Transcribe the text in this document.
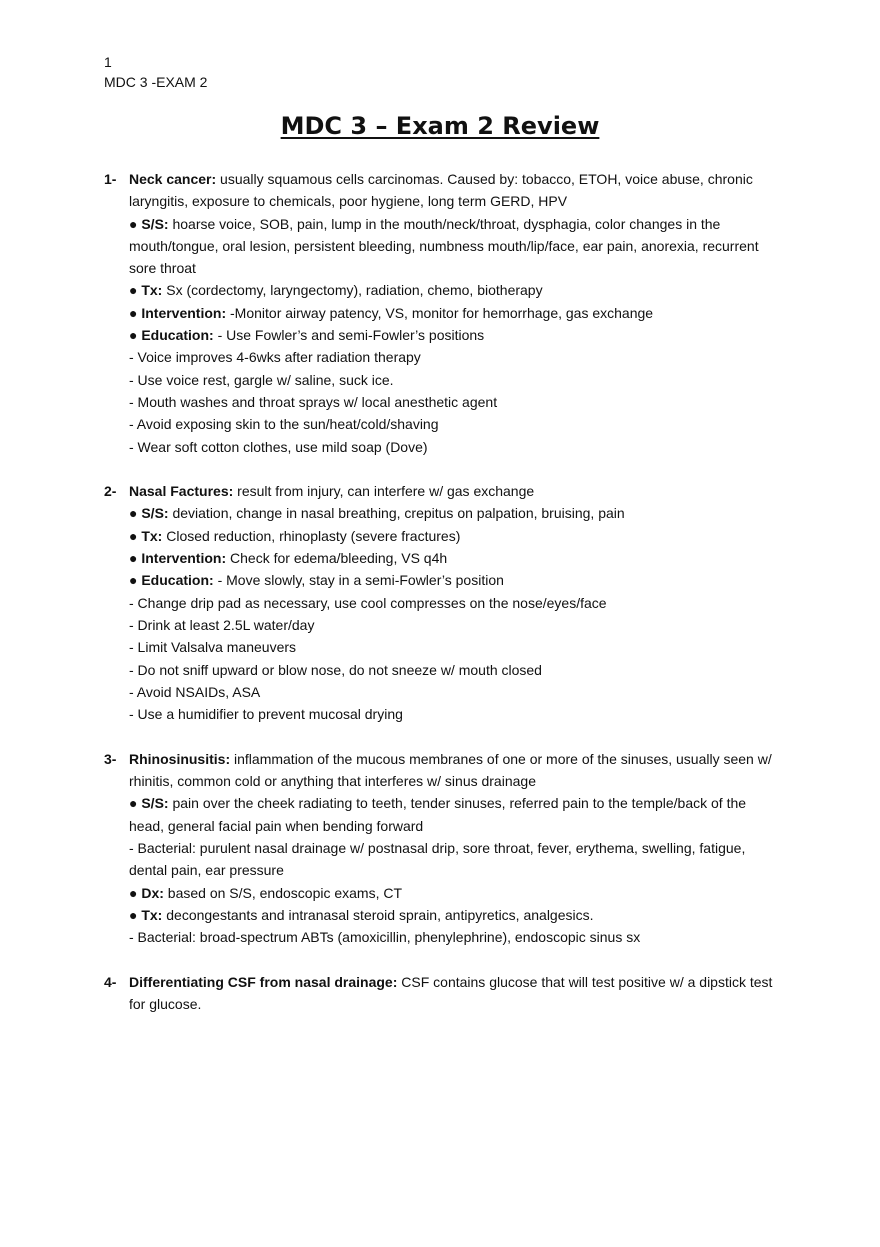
1
MDC 3 -EXAM 2
MDC 3 – Exam 2 Review
1- Neck cancer: usually squamous cells carcinomas. Caused by: tobacco, ETOH, voice abuse, chronic laryngitis, exposure to chemicals, poor hygiene, long term GERD, HPV
● S/S: hoarse voice, SOB, pain, lump in the mouth/neck/throat, dysphagia, color changes in the mouth/tongue, oral lesion, persistent bleeding, numbness mouth/lip/face, ear pain, anorexia, recurrent sore throat
● Tx: Sx (cordectomy, laryngectomy), radiation, chemo, biotherapy
● Intervention: -Monitor airway patency, VS, monitor for hemorrhage, gas exchange
● Education: - Use Fowler’s and semi-Fowler’s positions
- Voice improves 4-6wks after radiation therapy
- Use voice rest, gargle w/ saline, suck ice.
- Mouth washes and throat sprays w/ local anesthetic agent
- Avoid exposing skin to the sun/heat/cold/shaving
- Wear soft cotton clothes, use mild soap (Dove)
2- Nasal Factures: result from injury, can interfere w/ gas exchange
● S/S: deviation, change in nasal breathing, crepitus on palpation, bruising, pain
● Tx: Closed reduction, rhinoplasty (severe fractures)
● Intervention: Check for edema/bleeding, VS q4h
● Education: - Move slowly, stay in a semi-Fowler’s position
- Change drip pad as necessary, use cool compresses on the nose/eyes/face
- Drink at least 2.5L water/day
- Limit Valsalva maneuvers
- Do not sniff upward or blow nose, do not sneeze w/ mouth closed
- Avoid NSAIDs, ASA
- Use a humidifier to prevent mucosal drying
3- Rhinosinusitis: inflammation of the mucous membranes of one or more of the sinuses, usually seen w/ rhinitis, common cold or anything that interferes w/ sinus drainage
● S/S: pain over the cheek radiating to teeth, tender sinuses, referred pain to the temple/back of the head, general facial pain when bending forward
- Bacterial: purulent nasal drainage w/ postnasal drip, sore throat, fever, erythema, swelling, fatigue, dental pain, ear pressure
● Dx: based on S/S, endoscopic exams, CT
● Tx: decongestants and intranasal steroid sprain, antipyretics, analgesics.
- Bacterial: broad-spectrum ABTs (amoxicillin, phenylephrine), endoscopic sinus sx
4- Differentiating CSF from nasal drainage: CSF contains glucose that will test positive w/ a dipstick test for glucose.
